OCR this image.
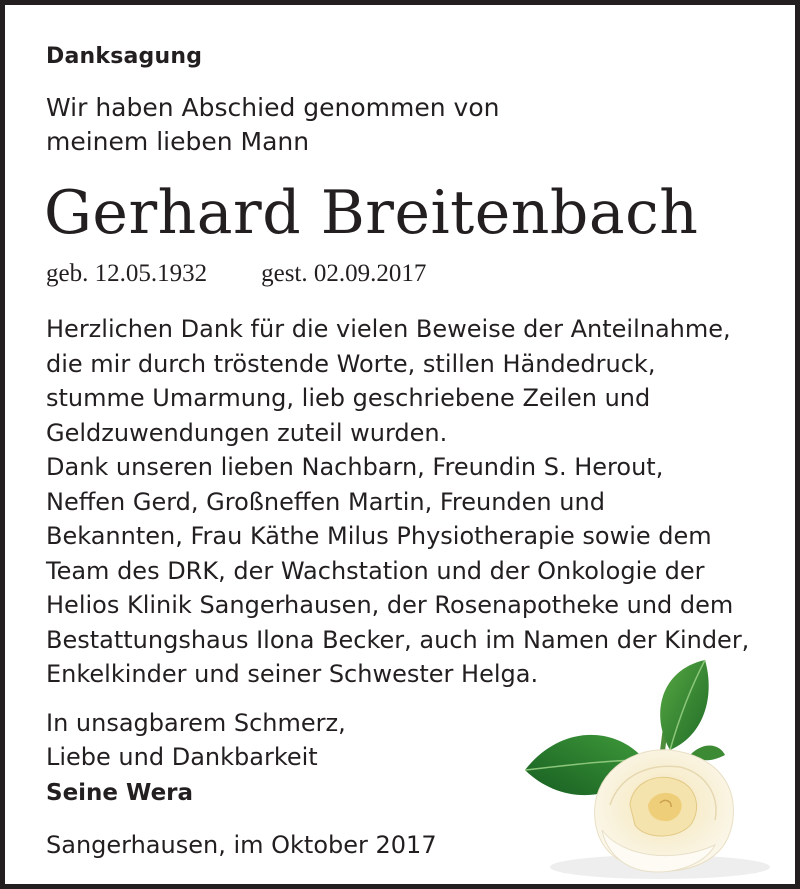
Danksagung
Wir haben Abschied genommen von
meinem lieben Mann
Gerhard Breitenbach
geb. 12.05.1932 gest. 02.09.2017
Herzlichen Dank für die vielen Beweise der Anteilnahme,
die mir durch tröstende Worte, stillen Händedruck,
stumme Umarmung, lieb geschriebene Zeilen und
Geldzuwendungen zuteil wurden.
Dank unseren lieben Nachbarn, Freundin S. Herout,
Neffen Gerd, Großneffen Martin, Freunden und
Bekannten, Frau Käthe Milus Physiotherapie sowie dem
Team des DRK, der Wachstation und der Onkologie der
Helios Klinik Sangerhausen, der Rosenapotheke und dem
Bestattungshaus Ilona Becker, auch im Namen der Kinder,
Enkelkinder und seiner Schwester Helga.
In unsagbarem Schmerz,
Liebe und Dankbarkeit
Seine Wera
Sangerhausen, im Oktober 2017
